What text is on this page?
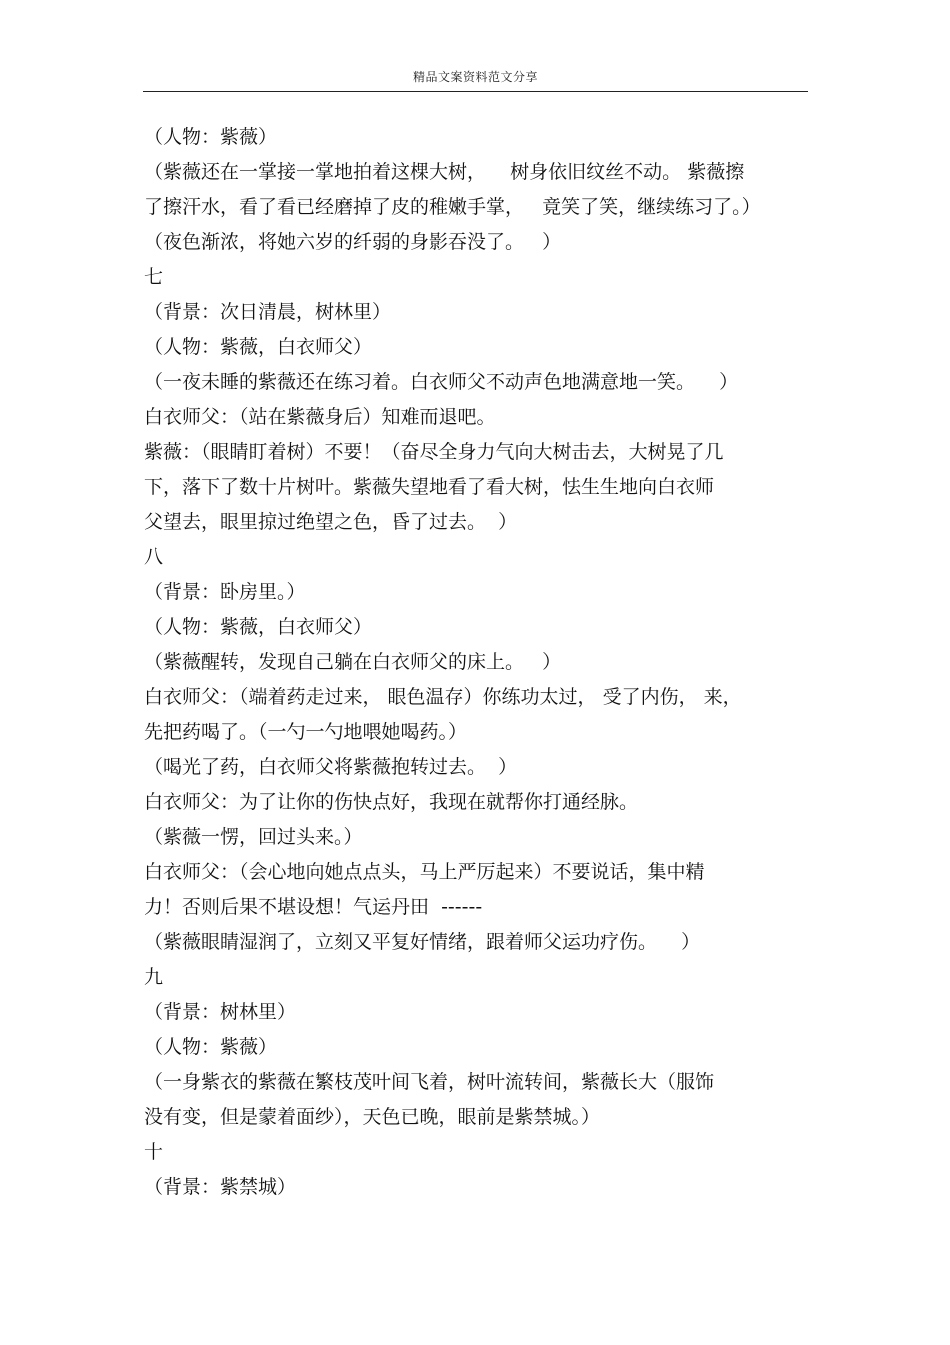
精品文案资料范文分享
（人物：紫薇）
（紫薇还在一掌接一掌地拍着这棵大树，    树身依旧纹丝不动。 紫薇擦
了擦汗水，看了看已经磨掉了皮的稚嫩手掌，   竟笑了笑，继续练习了。）
（夜色渐浓，将她六岁的纤弱的身影吞没了。   ）
七
（背景：次日清晨，树林里）
（人物：紫薇，白衣师父）
（一夜未睡的紫薇还在练习着。白衣师父不动声色地满意地一笑。    ）
白衣师父：（站在紫薇身后）知难而退吧。
紫薇：（眼睛盯着树）不要！（奋尽全身力气向大树击去，大树晃了几
下，落下了数十片树叶。紫薇失望地看了看大树，怯生生地向白衣师
父望去，眼里掠过绝望之色，昏了过去。  ）
八
（背景：卧房里。）
（人物：紫薇，白衣师父）
（紫薇醒转，发现自己躺在白衣师父的床上。   ）
白衣师父：（端着药走过来， 眼色温存）你练功太过， 受了内伤， 来，
先把药喝了。（一勺一勺地喂她喝药。）
（喝光了药，白衣师父将紫薇抱转过去。  ）
白衣师父：为了让你的伤快点好，我现在就帮你打通经脉。
（紫薇一愣，回过头来。）
白衣师父：（会心地向她点点头，马上严厉起来）不要说话，集中精
力！否则后果不堪设想！气运丹田  ------
（紫薇眼睛湿润了，立刻又平复好情绪，跟着师父运功疗伤。    ）
九
（背景：树林里）
（人物：紫薇）
（一身紫衣的紫薇在繁枝茂叶间飞着，树叶流转间，紫薇长大（服饰
没有变，但是蒙着面纱），天色已晚，眼前是紫禁城。）
十
（背景：紫禁城）
